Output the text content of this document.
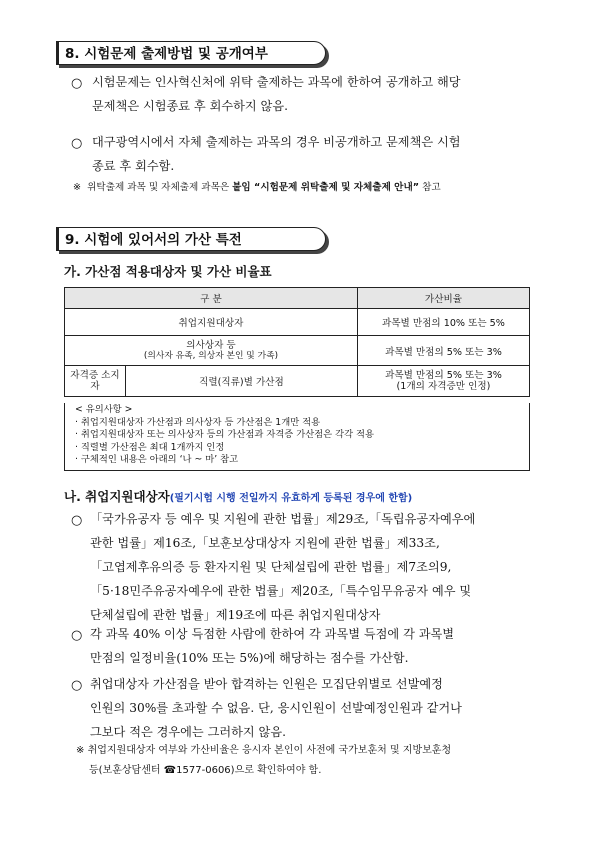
8. 시험문제 출제방법 및 공개여부
○ 시험문제는 인사혁신처에 위탁 출제하는 과목에 한하여 공개하고 해당
문제책은 시험종료 후 회수하지 않음.
○ 대구광역시에서 자체 출제하는 과목의 경우 비공개하고 문제책은 시험
종료 후 회수함.
※ 위탁출제 과목 및 자체출제 과목은 붙임 “시험문제 위탁출제 및 자체출제 안내” 참고
9. 시험에 있어서의 가산 특전
가. 가산점 적용대상자 및 가산 비율표
구 분		가산비율
취업지원대상자		과목별 만점의 10% 또는 5%

의사상자 등
(의사자 유족, 의상자 본인 및 가족)		과목별 만점의 5% 또는 3%
자격증 소지자	직렬(직류)별 가산점	과목별 만점의 5% 또는 3%
(1개의 자격증만 인정)
< 유의사항 >
· 취업지원대상자 가산점과 의사상자 등 가산점은 1개만 적용
· 취업지원대상자 또는 의사상자 등의 가산점과 자격증 가산점은 각각 적용
· 직렬별 가산점은 최대 1개까지 인정
· 구체적인 내용은 아래의 ‘나 ~ 마’ 참고
나. 취업지원대상자(필기시험 시행 전일까지 유효하게 등록된 경우에 한함)
○ 「국가유공자 등 예우 및 지원에 관한 법률」제29조,「독립유공자예우에
관한 법률」제16조,「보훈보상대상자 지원에 관한 법률」제33조,
「고엽제후유의증 등 환자지원 및 단체설립에 관한 법률」제7조의9,
「5·18민주유공자예우에 관한 법률」제20조,「특수임무유공자 예우 및
단체설립에 관한 법률」제19조에 따른 취업지원대상자
○ 각 과목 40% 이상 득점한 사람에 한하여 각 과목별 득점에 각 과목별
만점의 일정비율(10% 또는 5%)에 해당하는 점수를 가산함.
○ 취업대상자 가산점을 받아 합격하는 인원은 모집단위별로 선발예정
인원의 30%를 초과할 수 없음. 단, 응시인원이 선발예정인원과 같거나
그보다 적은 경우에는 그러하지 않음.
※ 취업지원대상자 여부와 가산비율은 응시자 본인이 사전에 국가보훈처 및 지방보훈청
등(보훈상담센터 ☎1577-0606)으로 확인하여야 함.
